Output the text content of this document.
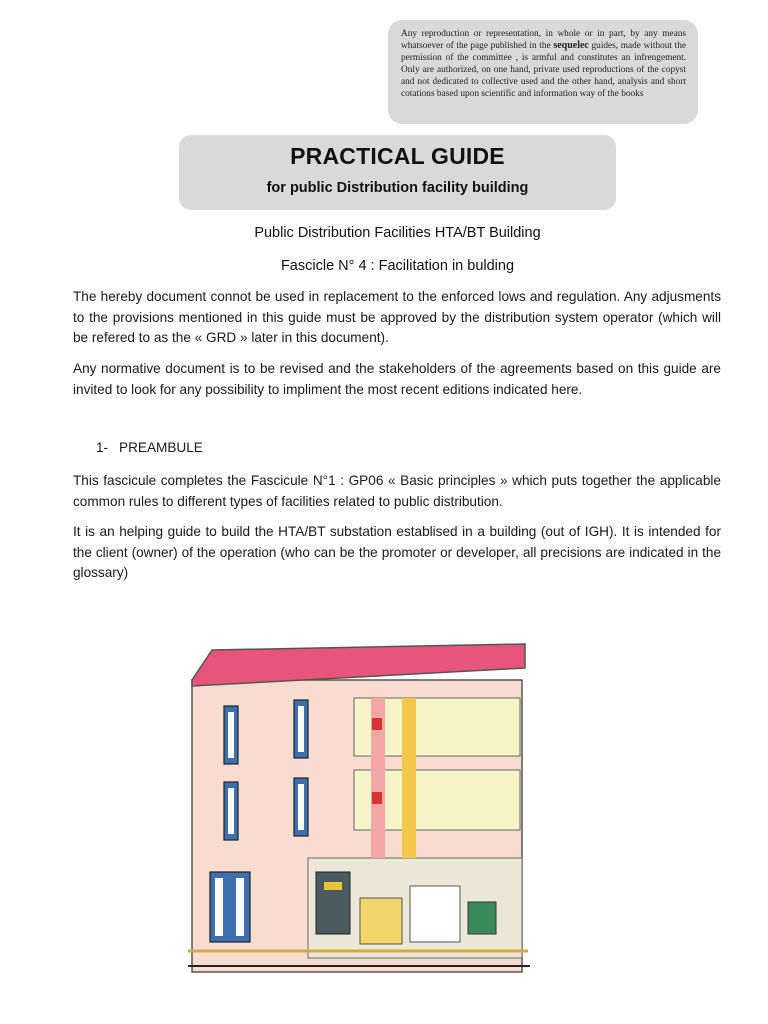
Any reproduction or representation, in whole or in part, by any means whatsoever of the page published in the sequelec guides, made without the permission of the committee , is armful and constitutes an infrengement. Only are authorized, on one hand, private used reproductions of the copyst and not dedicated to collective used and the other hand, analysis and short cotations based upon scientific and information way of the books
PRACTICAL GUIDE
for public Distribution facility building
Public Distribution Facilities HTA/BT Building
Fascicle N° 4 : Facilitation in bulding

The hereby document connot be used in replacement to the enforced lows and regulation. Any adjusments to the provisions mentioned in this guide must be approved by the distribution system operator (which will be refered to as the « GRD » later in this document).

Any normative document is to be revised and the stakeholders of the agreements based on this guide are invited to look for any possibility to impliment the most recent editions indicated here.

1- PREAMBULE

This fascicule completes the Fascicule N°1 : GP06 « Basic principles » which puts together the applicable common rules to different types of facilities related to public distribution.

It is an helping guide to build the HTA/BT substation establised in a building (out of IGH). It is intended for the client (owner) of the operation (who can be the promoter or developer, all precisions are indicated in the glossary)
